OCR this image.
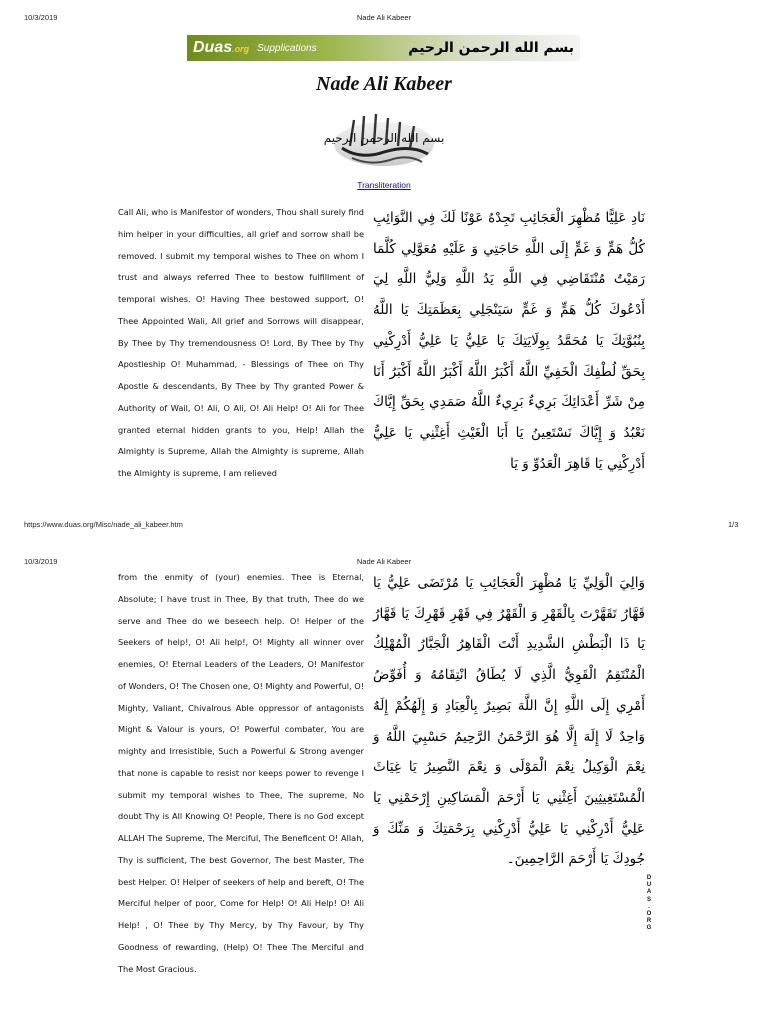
10/3/2019	Nade Ali Kabeer
Duas.org Supplications	بسم الله الرحمن الرحيم
Nade Ali Kabeer
بسم الله الرحمن الرحيم
Transliteration
Call Ali, who is Manifestor of wonders, Thou shall surely find him helper in your difficulties, all grief and sorrow shall be removed. I submit my temporal wishes to Thee on whom I trust and always referred Thee to bestow fulfillment of temporal wishes. O! Having Thee bestowed support, O! Thee Appointed Wali, All grief and Sorrows will disappear, By Thee by Thy tremendousness O! Lord, By Thee by Thy Apostleship O! Muhammad, - Blessings of Thee on Thy Apostle & descendants, By Thee by Thy granted Power & Authority of Wail, O! Ali, O Ali, O! Ali Help! O! Ali for Thee granted eternal hidden grants to you, Help! Allah the Almighty is Supreme, Allah the Almighty is supreme, Allah the Almighty is supreme, I am relieved
نَادِ عَلِيًّا مُظْهِرَ الْعَجَائِبِ تَجِدْهُ عَوْنًا لَكَ فِي النَّوَائِبِ كُلُّ هَمٍّ وَ غَمٍّ إِلَى اللَّهِ حَاجَتِي وَ عَلَيْهِ مُعَوَّلِي كُلَّمَا رَمَيْتُ مُنْتَقَاضِي فِي اللَّهِ يَدُ اللَّهِ وَلِيُّ اللَّهِ لِيَ أَدْعُوكَ كُلُّ هَمٍّ وَ غَمٍّ سَيَنْجَلِي بِعَظَمَتِكَ يَا اللَّهُ بِنُبُوَّتِكَ يَا مُحَمَّدُ بِوِلَايَتِكَ يَا عَلِيُّ يَا عَلِيُّ أَدْرِكْنِي بِحَقِّ لُطْفِكَ الْخَفِيِّ اللَّهُ أَكْبَرُ اللَّهُ أَكْبَرُ اللَّهُ أَكْبَرُ أَنَا مِنْ شَرِّ أَعْدَائِكَ بَرِيءٌ بَرِيءٌ اللَّهُ صَمَدِي بِحَقِّ إِيَّاكَ نَعْبُدُ وَ إِيَّاكَ نَسْتَعِينُ يَا أَبَا الْغَيْثِ أَغِثْنِي يَا عَلِيُّ أَدْرِكْنِي يَا قَاهِرَ الْعَدُوِّ وَ يَا
https://www.duas.org/Misc/nade_ali_kabeer.htm	1/3
10/3/2019	Nade Ali Kabeer
from the enmity of (your) enemies. Thee is Eternal, Absolute; I have trust in Thee, By that truth, Thee do we serve and Thee do we beseech help. O! Helper of the Seekers of help!, O! Ali help!, O! Mighty all winner over enemies, O! Eternal Leaders of the Leaders, O! Manifestor of Wonders, O! The Chosen one, O! Mighty and Powerful, O! Mighty, Valiant, Chivalrous Able oppressor of antagonists Might & Valour is yours, O! Powerful combater, You are mighty and Irresistible, Such a Powerful & Strong avenger that none is capable to resist nor keeps power to revenge I submit my temporal wishes to Thee, The supreme, No doubt Thy is All Knowing O! People, There is no God except ALLAH The Supreme, The Merciful, The Beneficent O! Allah, Thy is sufficient, The best Governor, The best Master, The best Helper. O! Helper of seekers of help and bereft, O! The Merciful helper of poor, Come for Help! O! Ali Help! O! Ali Help! , O! Thee by Thy Mercy, by Thy Favour, by Thy Goodness of rewarding, (Help) O! Thee The Merciful and The Most Gracious.
وَالِيَ الْوَلِيِّ يَا مُظْهِرَ الْعَجَائِبِ يَا مُرْتَضَى عَلِيُّ يَا قَهَّارُ تَقَهَّرْتَ بِالْقَهْرِ وَ الْقَهْرُ فِي قَهْرِ قَهْرِكَ يَا قَهَّارُ يَا ذَا الْبَطْشِ الشَّدِيدِ أَنْتَ الْقَاهِرُ الْجَبَّارُ الْمُهْلِكُ الْمُنْتَقِمُ الْقَوِيُّ الَّذِي لَا يُطَاقُ انْتِقَامُهُ وَ أُفَوِّضُ أَمْرِي إِلَى اللَّهِ إِنَّ اللَّهَ بَصِيرٌ بِالْعِبَادِ وَ إِلَهُكُمْ إِلَهٌ وَاحِدٌ لَا إِلَهَ إِلَّا هُوَ الرَّحْمَنُ الرَّحِيمُ حَسْبِيَ اللَّهُ وَ نِعْمَ الْوَكِيلُ نِعْمَ الْمَوْلَى وَ نِعْمَ النَّصِيرُ يَا غِيَاثَ الْمُسْتَغِيثِينَ أَغِثْنِي يَا أَرْحَمَ الْمَسَاكِينِ إِرْحَمْنِي يَا عَلِيُّ أَدْرِكْنِي يَا عَلِيُّ أَدْرِكْنِي بِرَحْمَتِكَ وَ مَنِّكَ وَ جُودِكَ يَا أَرْحَمَ الرَّاحِمِينَ۔
D
U
A
S
.
O
R
G
